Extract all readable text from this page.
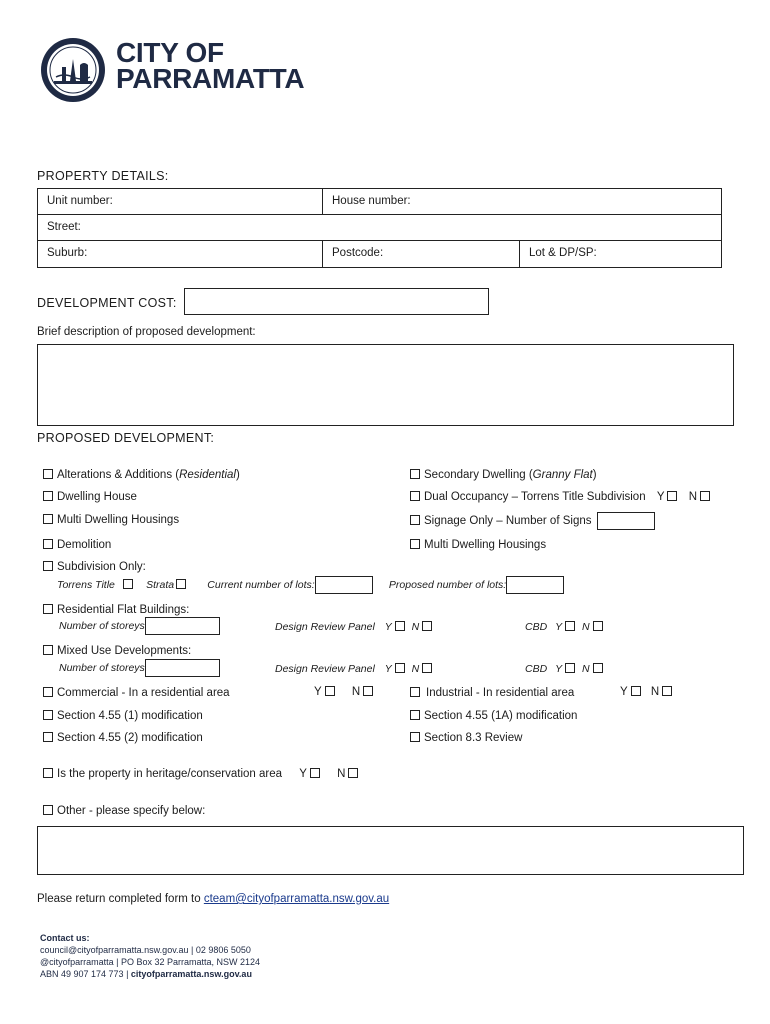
CITY OF
PARRAMATTA
PROPERTY DETAILS:
Unit number:	House number:
Street:
Suburb:	Postcode:	Lot & DP/SP:
DEVELOPMENT COST:
Brief description of proposed development:
PROPOSED DEVELOPMENT:
Alterations & Additions (Residential)	Secondary Dwelling (Granny Flat)
Dwelling House	Dual Occupancy – Torrens Title Subdivision Y N
Multi Dwelling Housings	Signage Only – Number of Signs
Demolition	Multi Dwelling Housings
Subdivision Only:
Torrens Title	Strata	Current number of lots:	Proposed number of lots:
Residential Flat Buildings:
Number of storeys	Design Review Panel Y N	CBD Y N
Mixed Use Developments:
Number of storeys	Design Review Panel Y N	CBD Y N
Commercial - In a residential area	Y	N	Industrial - In residential area	Y N
Section 4.55 (1) modification	Section 4.55 (1A) modification
Section 4.55 (2) modification	Section 8.3 Review
Is the property in heritage/conservation area Y	N
Other - please specify below:
Please return completed form to cteam@cityofparramatta.nsw.gov.au
Contact us:
council@cityofparramatta.nsw.gov.au | 02 9806 5050
@cityofparramatta | PO Box 32 Parramatta, NSW 2124
ABN 49 907 174 773 | cityofparramatta.nsw.gov.au
